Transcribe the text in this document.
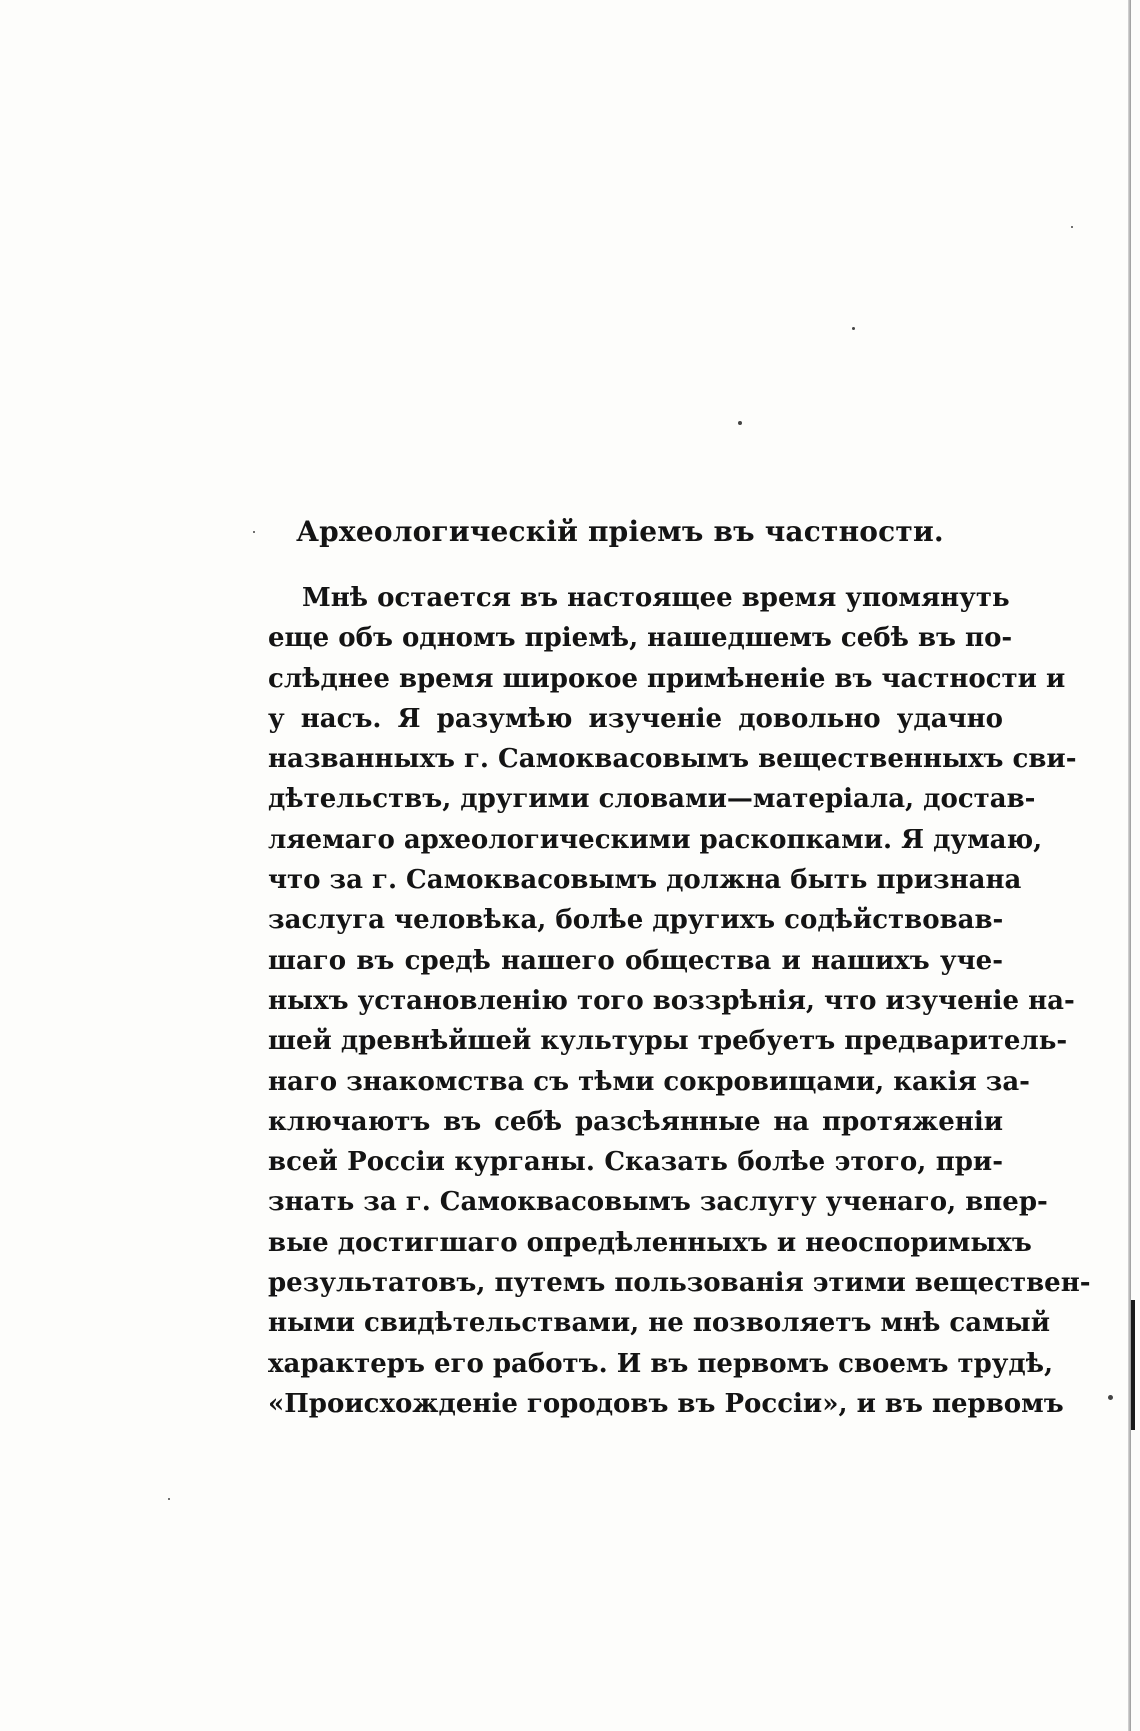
Археологическій пріемъ въ частности.
Мнѣ остается въ настоящее время упомянуть
еще объ одномъ пріемѣ, нашедшемъ себѣ въ по-
слѣднее время широкое примѣненіе въ частности и
у насъ. Я разумѣю изученіе довольно удачно
названныхъ г. Самоквасовымъ вещественныхъ сви-
дѣтельствъ, другими словами—матеріала, достав-
ляемаго археологическими раскопками. Я думаю,
что за г. Самоквасовымъ должна быть признана
заслуга человѣка, болѣе другихъ содѣйствовав-
шаго въ средѣ нашего общества и нашихъ уче-
ныхъ установленію того воззрѣнія, что изученіе на-
шей древнѣйшей культуры требуетъ предваритель-
наго знакомства съ тѣми сокровищами, какія за-
ключаютъ въ себѣ разсѣянные на протяженіи
всей Россіи курганы. Сказать болѣе этого, при-
знать за г. Самоквасовымъ заслугу ученаго, впер-
вые достигшаго опредѣленныхъ и неоспоримыхъ
результатовъ, путемъ пользованія этими веществен-
ными свидѣтельствами, не позволяетъ мнѣ самый
характеръ его работъ. И въ первомъ своемъ трудѣ,
«Происхожденіе городовъ въ Россіи», и въ первомъ
